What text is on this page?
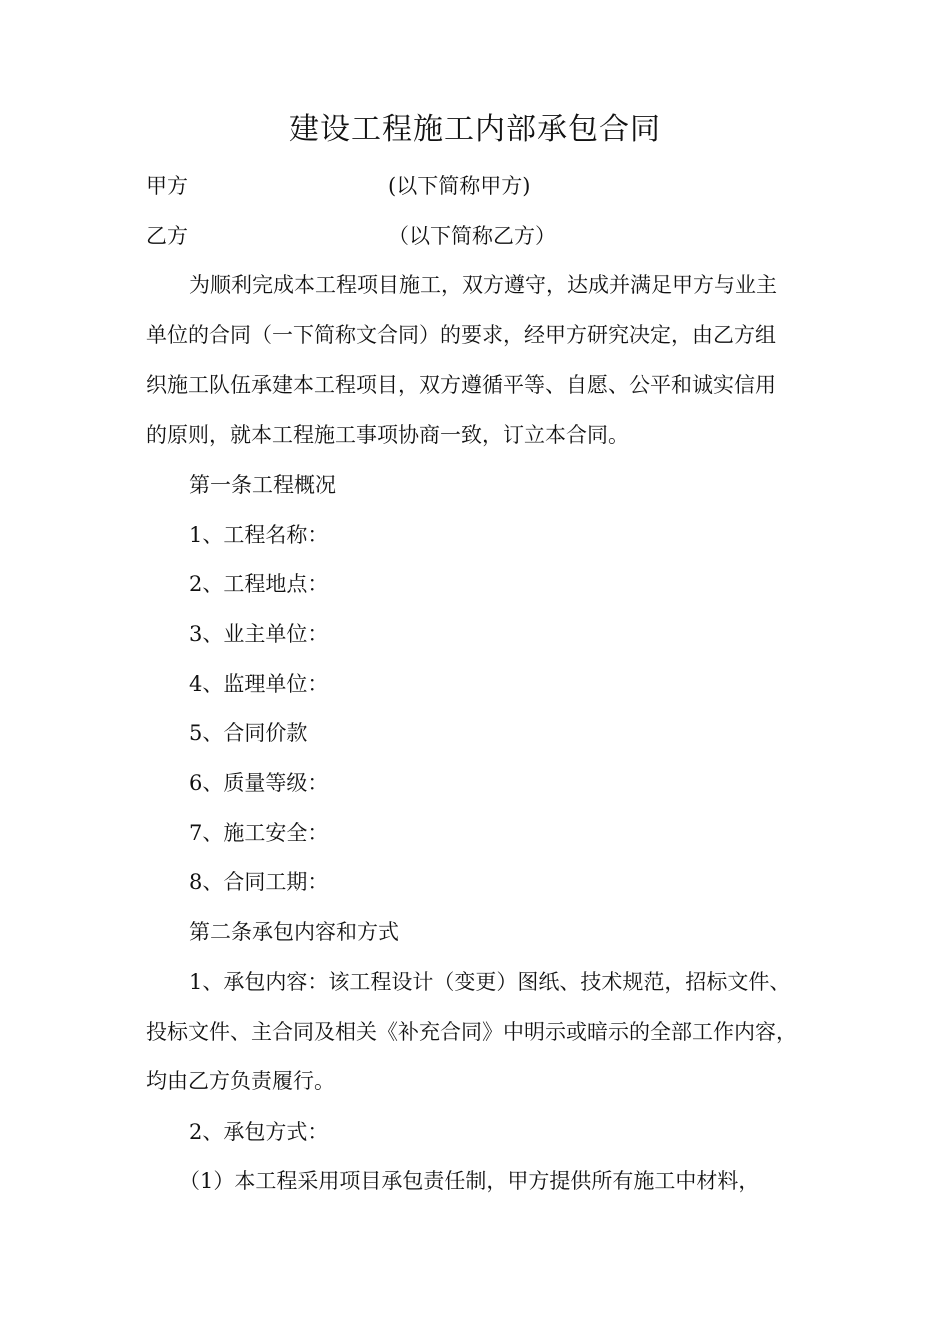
建设工程施工内部承包合同
甲方	(以下简称甲方)
乙方	（以下简称乙方）
为顺利完成本工程项目施工，双方遵守，达成并满足甲方与业主
单位的合同（一下简称文合同）的要求，经甲方研究决定，由乙方组
织施工队伍承建本工程项目，双方遵循平等、自愿、公平和诚实信用
的原则，就本工程施工事项协商一致，订立本合同。
第一条工程概况
1、工程名称：
2、工程地点：
3、业主单位：
4、监理单位：
5、合同价款
6、质量等级：
7、施工安全：
8、合同工期：
第二条承包内容和方式
1、承包内容：该工程设计（变更）图纸、技术规范，招标文件、
投标文件、主合同及相关《补充合同》中明示或暗示的全部工作内容，
均由乙方负责履行。
2、承包方式：
（1）本工程采用项目承包责任制，甲方提供所有施工中材料，
